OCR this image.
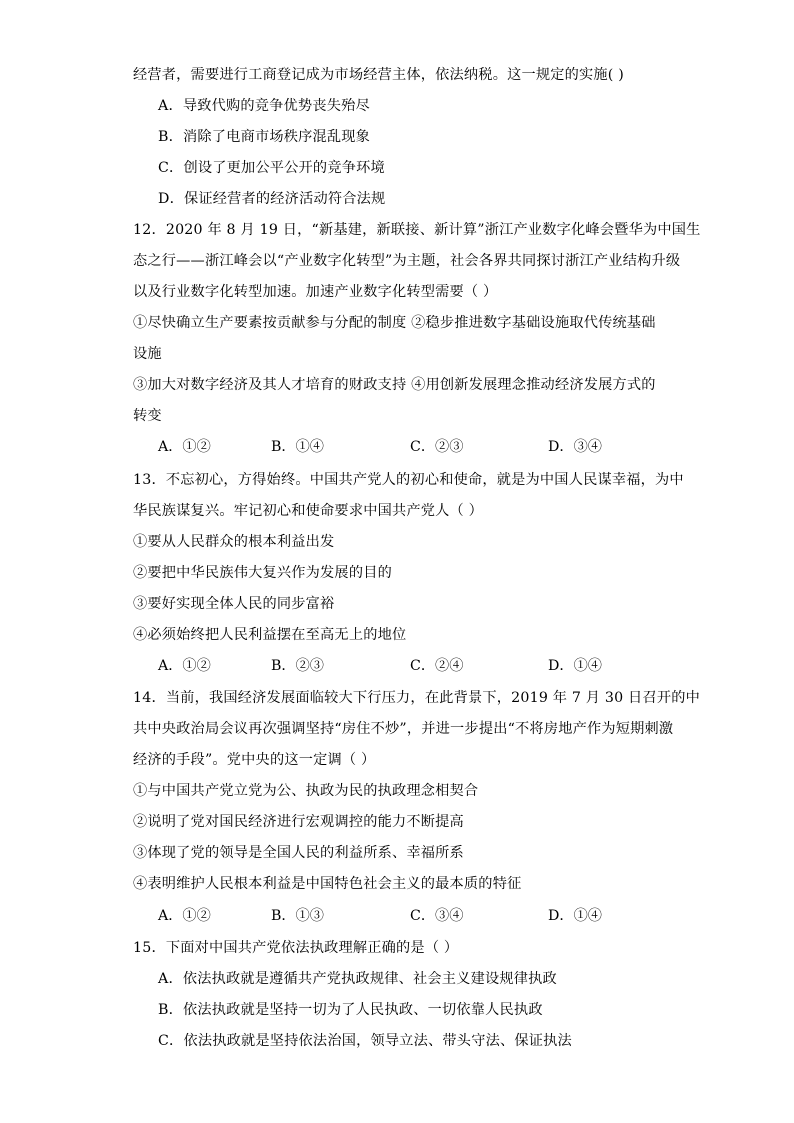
经营者，需要进行工商登记成为市场经营主体，依法纳税。这一规定的实施( )
A．导致代购的竞争优势丧失殆尽
B．消除了电商市场秩序混乱现象
C．创设了更加公平公开的竞争环境
D．保证经营者的经济活动符合法规
12．2020 年 8 月 19 日，“新基建，新联接、新计算”浙江产业数字化峰会暨华为中国生
态之行——浙江峰会以“产业数字化转型”为主题，社会各界共同探讨浙江产业结构升级
以及行业数字化转型加速。加速产业数字化转型需要（ ）
①尽快确立生产要素按贡献参与分配的制度 ②稳步推进数字基础设施取代传统基础
设施
③加大对数字经济及其人才培育的财政支持 ④用创新发展理念推动经济发展方式的
转变
A．①②	B．①④	C．②③	D．③④
13．不忘初心，方得始终。中国共产党人的初心和使命，就是为中国人民谋幸福，为中
华民族谋复兴。牢记初心和使命要求中国共产党人（ ）
①要从人民群众的根本利益出发
②要把中华民族伟大复兴作为发展的目的
③要好实现全体人民的同步富裕
④必须始终把人民利益摆在至高无上的地位
A．①②	B．②③	C．②④	D．①④
14．当前，我国经济发展面临较大下行压力，在此背景下，2019 年 7 月 30 日召开的中
共中央政治局会议再次强调坚持“房住不炒”，并进一步提出“不将房地产作为短期刺激
经济的手段”。党中央的这一定调（ ）
①与中国共产党立党为公、执政为民的执政理念相契合
②说明了党对国民经济进行宏观调控的能力不断提高
③体现了党的领导是全国人民的利益所系、幸福所系
④表明维护人民根本利益是中国特色社会主义的最本质的特征
A．①②	B．①③	C．③④	D．①④
15．下面对中国共产党依法执政理解正确的是（ ）
A．依法执政就是遵循共产党执政规律、社会主义建设规律执政
B．依法执政就是坚持一切为了人民执政、一切依靠人民执政
C．依法执政就是坚持依法治国，领导立法、带头守法、保证执法
